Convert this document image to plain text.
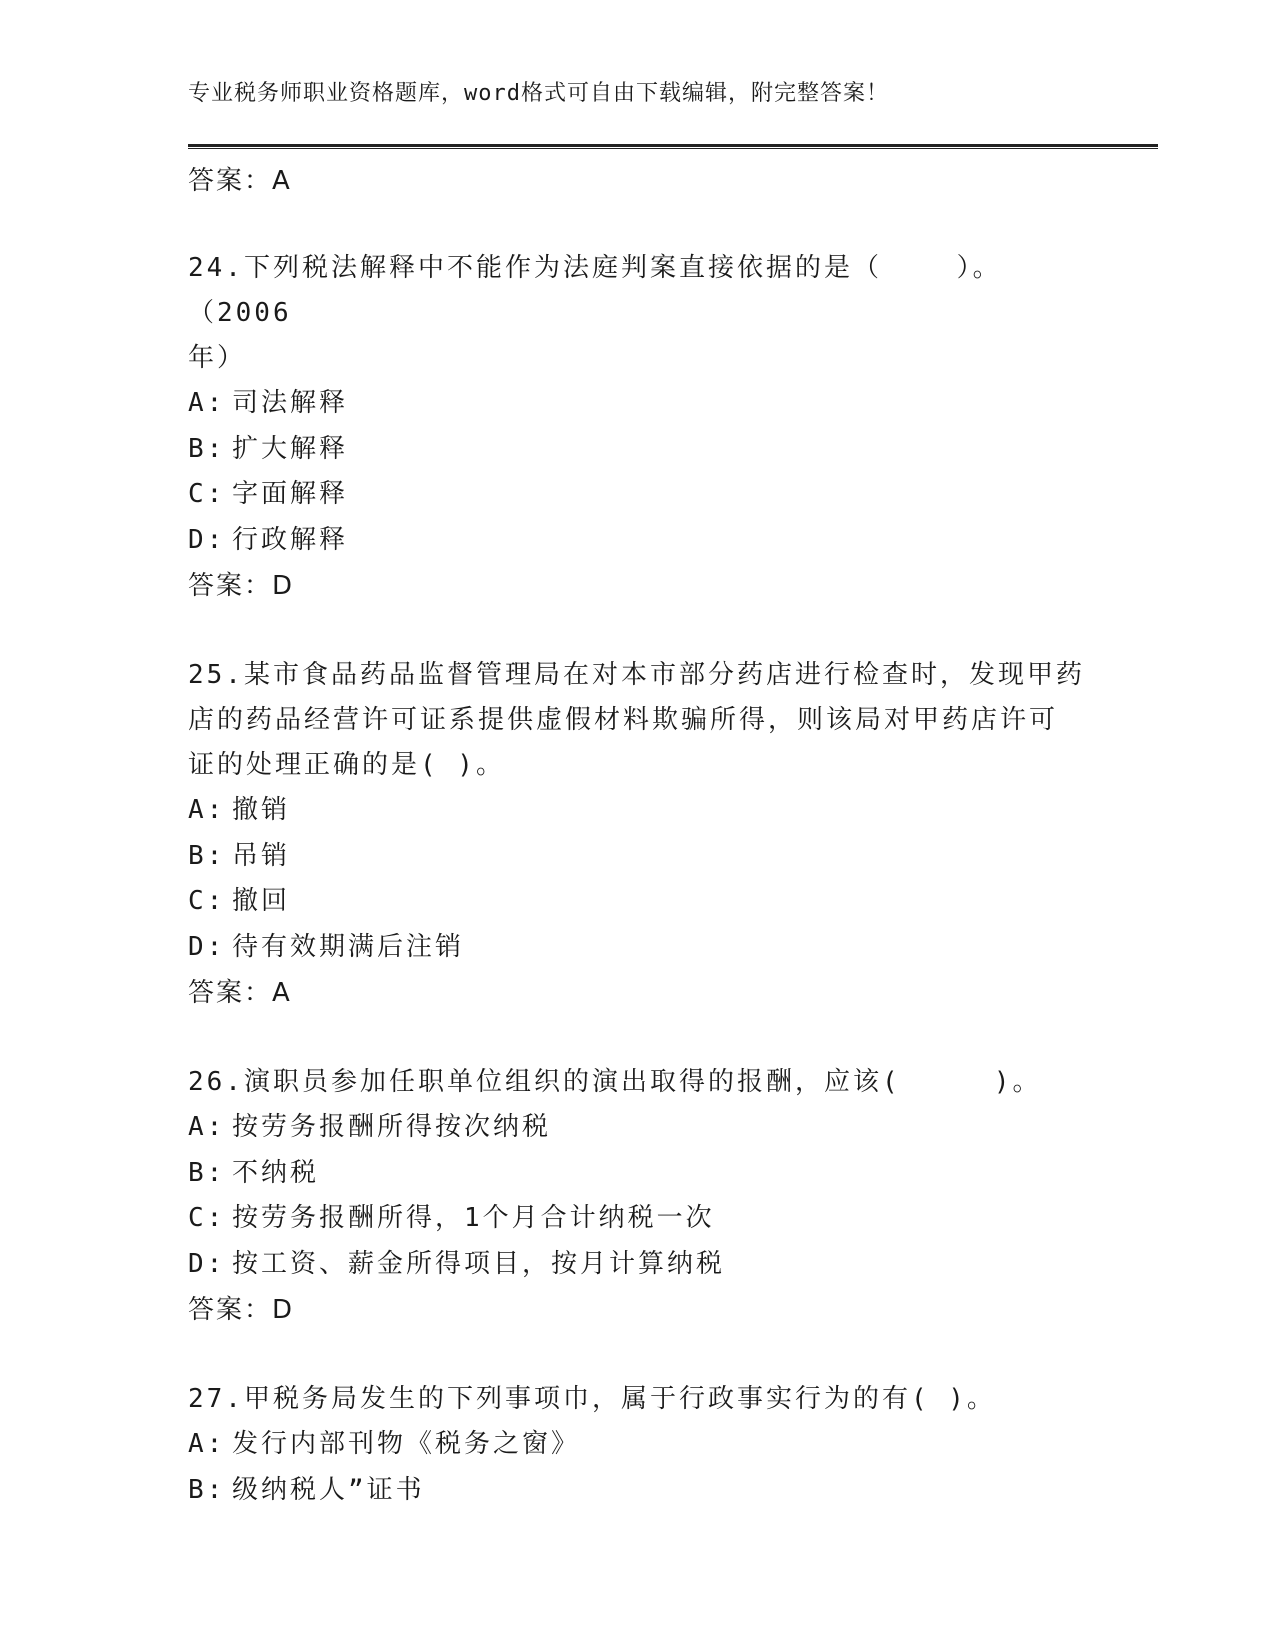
专业税务师职业资格题库，word格式可自由下载编辑，附完整答案！
答案：A
24.下列税法解释中不能作为法庭判案直接依据的是（    ）。（2006
年）
A: 司法解释
B: 扩大解释
C: 字面解释
D: 行政解释
答案：D
25.某市食品药品监督管理局在对本市部分药店进行检查时，发现甲药
店的药品经营许可证系提供虚假材料欺骗所得，则该局对甲药店许可
证的处理正确的是( )。
A: 撤销
B: 吊销
C: 撤回
D: 待有效期满后注销
答案：A
26.演职员参加任职单位组织的演出取得的报酬，应该(     )。
A: 按劳务报酬所得按次纳税
B: 不纳税
C: 按劳务报酬所得，1个月合计纳税一次
D: 按工资、薪金所得项目，按月计算纳税
答案：D
27.甲税务局发生的下列事项巾，属于行政事实行为的有( )。
A: 发行内部刊物《税务之窗》
B: 级纳税人”证书
